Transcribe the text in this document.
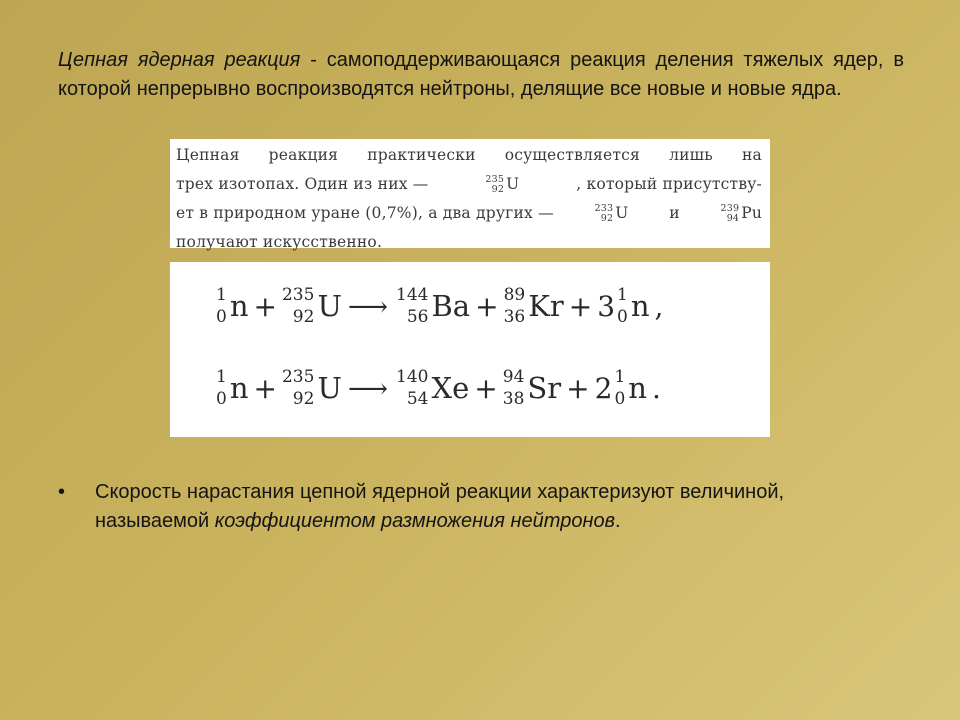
Цепная ядерная реакция - самоподдерживающаяся реакция деления тяжелых ядер, в которой непрерывно воспроизводятся нейтроны, делящие все новые и новые ядра.

Цепная реакция практически осуществляется лишь на
трех изотопах. Один из них —	235
92 U	, который присутству-
ет в природном уране (0,7%), а два других —	233
92 U	и	239
94 Pu
получают искусственно.
1
0 n + 235
92 U ⟶ 144
56 Ba + 89
36 Kr + 3 1
0 n ,
1
0 n + 235
92 U ⟶ 140
54 Xe + 94
38 Sr + 2 1
0 n .
•	Скорость нарастания цепной ядерной реакции характеризуют величиной, называемой коэффициентом размножения нейтронов.
